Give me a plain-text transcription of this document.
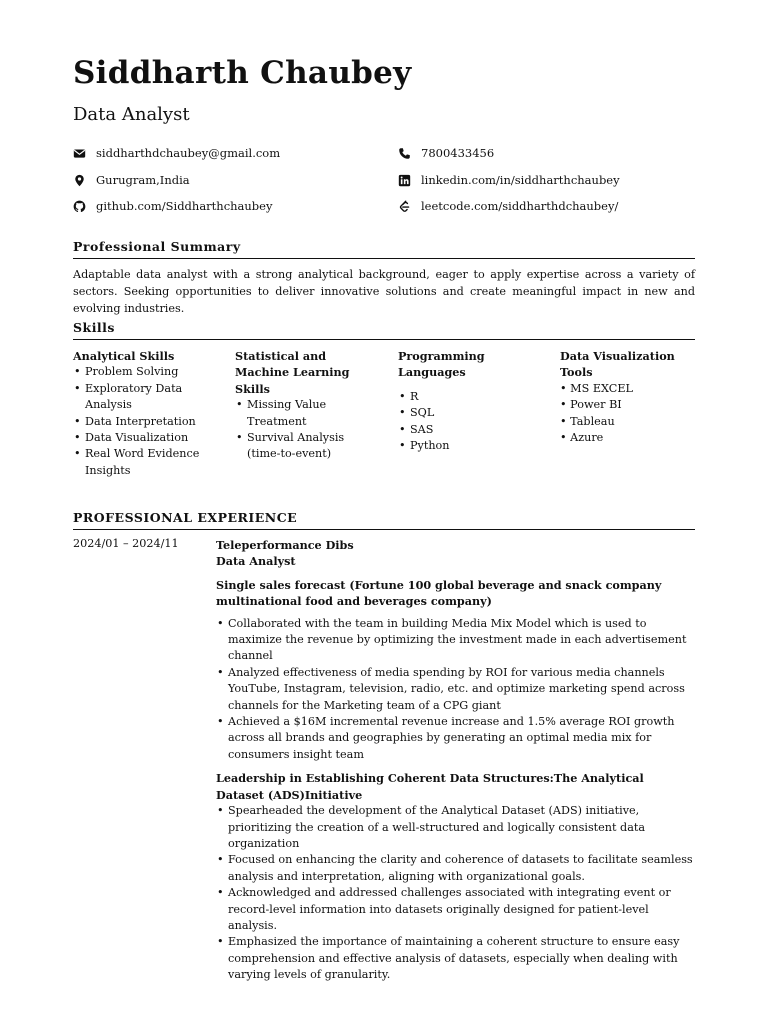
Siddharth Chaubey
Data Analyst
siddharthdchaubey@gmail.com	7800433456
Gurugram,India	linkedin.com/in/siddharthchaubey
github.com/Siddharthchaubey	leetcode.com/siddharthdchaubey/
Professional Summary
Adaptable data analyst with a strong analytical background, eager to apply expertise across a variety of sectors. Seeking opportunities to deliver innovative solutions and create meaningful impact in new and evolving industries.
Skills
Analytical Skills
• Problem Solving
• Exploratory Data Analysis
• Data Interpretation
• Data Visualization
• Real Word Evidence Insights
Statistical and Machine Learning Skills
• Missing Value Treatment
• Survival Analysis (time-to-event)
Programming Languages
• R
• SQL
• SAS
• Python
Data Visualization Tools
• MS EXCEL
• Power BI
• Tableau
• Azure
PROFESSIONAL EXPERIENCE
2024/01 – 2024/11	Teleperformance Dibs
Data Analyst
Single sales forecast (Fortune 100 global beverage and snack company multinational food and beverages company)
• Collaborated with the team in building Media Mix Model which is used to maximize the revenue by optimizing the investment made in each advertisement channel
• Analyzed effectiveness of media spending by ROI for various media channels YouTube, Instagram, television, radio, etc. and optimize marketing spend across channels for the Marketing team of a CPG giant
• Achieved a $16M incremental revenue increase and 1.5% average ROI growth across all brands and geographies by generating an optimal media mix for consumers insight team
Leadership in Establishing Coherent Data Structures:The Analytical Dataset (ADS)Initiative
• Spearheaded the development of the Analytical Dataset (ADS) initiative, prioritizing the creation of a well-structured and logically consistent data organization
• Focused on enhancing the clarity and coherence of datasets to facilitate seamless analysis and interpretation, aligning with organizational goals.
• Acknowledged and addressed challenges associated with integrating event or record-level information into datasets originally designed for patient-level analysis.
• Emphasized the importance of maintaining a coherent structure to ensure easy comprehension and effective analysis of datasets, especially when dealing with varying levels of granularity.
